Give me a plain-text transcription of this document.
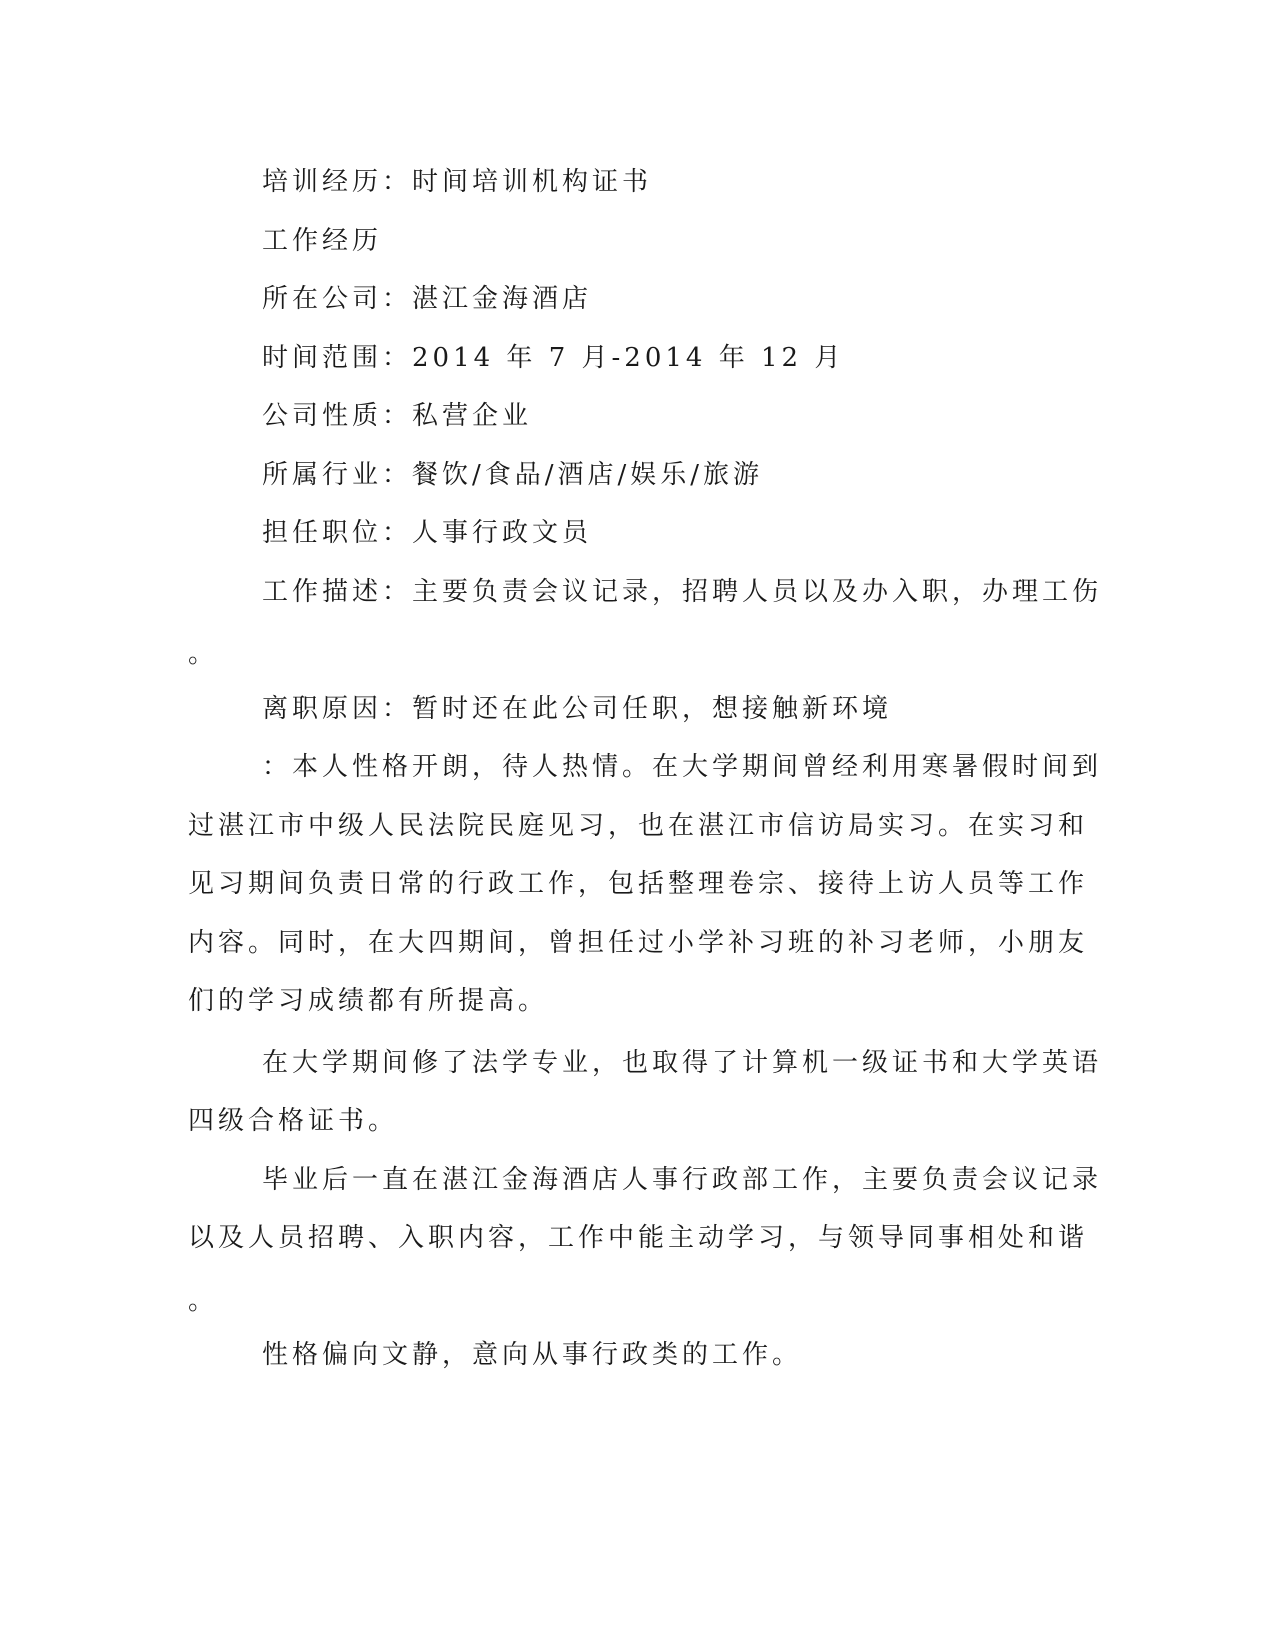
培训经历：时间培训机构证书
工作经历
所在公司：湛江金海酒店
时间范围：2014 年 7 月-2014 年 12 月
公司性质：私营企业
所属行业：餐饮/食品/酒店/娱乐/旅游
担任职位：人事行政文员
工作描述：主要负责会议记录，招聘人员以及办入职，办理工伤
。
离职原因：暂时还在此公司任职，想接触新环境
：本人性格开朗，待人热情。在大学期间曾经利用寒暑假时间到
过湛江市中级人民法院民庭见习，也在湛江市信访局实习。在实习和
见习期间负责日常的行政工作，包括整理卷宗、接待上访人员等工作
内容。同时，在大四期间，曾担任过小学补习班的补习老师，小朋友
们的学习成绩都有所提高。
在大学期间修了法学专业，也取得了计算机一级证书和大学英语
四级合格证书。
毕业后一直在湛江金海酒店人事行政部工作，主要负责会议记录
以及人员招聘、入职内容，工作中能主动学习，与领导同事相处和谐
。
性格偏向文静，意向从事行政类的工作。
